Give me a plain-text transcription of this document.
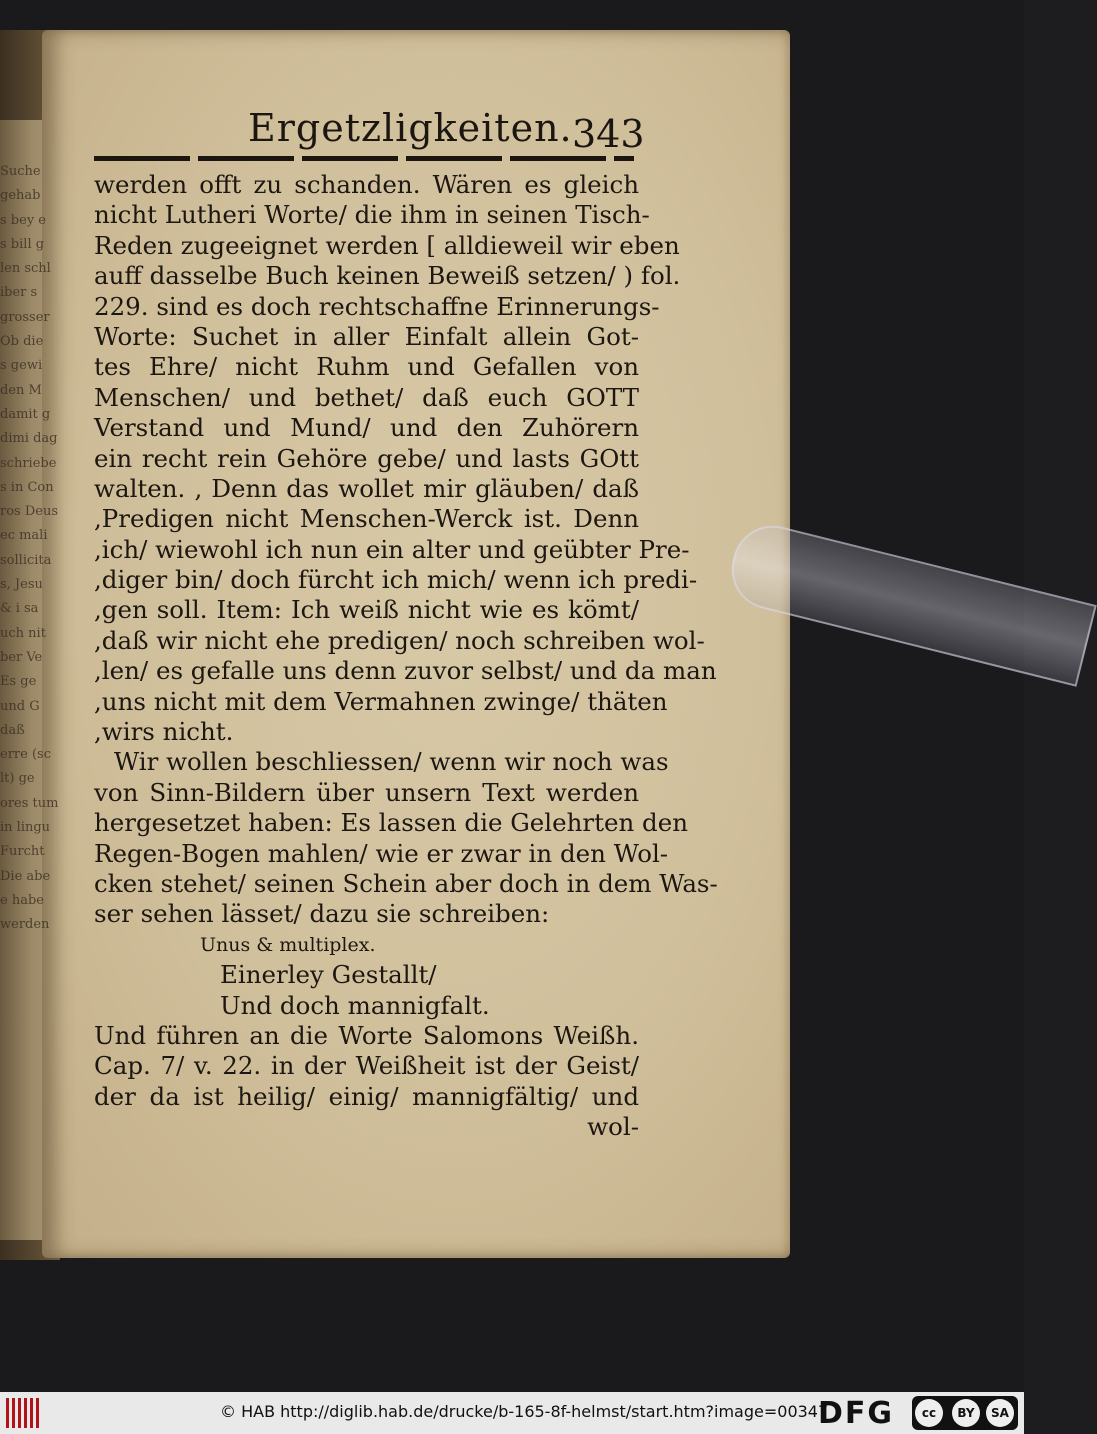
Suche
gehab
s bey e
s bill g
len schl
iber s
grosser
Ob die
s gewi
den M
damit g
dimi dag
schriebe
s in Con
ros Deus
ec mali
sollicita
s, Jesu
& i sa
uch nit
ber Ve
Es ge
und G
daß
erre (sc
lt) ge
ores tum
in lingu
Furcht
Die abe
e habe
werden
Ergetzligkeiten. 343
werden offt zu schanden. Wären es gleich
nicht Lutheri Worte/ die ihm in seinen Tisch-
Reden zugeeignet werden [ alldieweil wir eben
auff dasselbe Buch keinen Beweiß setzen/ ) fol.
229. sind es doch rechtschaffne Erinnerungs-
Worte: Suchet in aller Einfalt allein Got-
tes Ehre/ nicht Ruhm und Gefallen von
Menschen/ und bethet/ daß euch GOTT
Verstand und Mund/ und den Zuhörern
ein recht rein Gehöre gebe/ und lasts GOtt
walten. , Denn das wollet mir gläuben/ daß
,Predigen nicht Menschen-Werck ist. Denn
,ich/ wiewohl ich nun ein alter und geübter Pre-
,diger bin/ doch fürcht ich mich/ wenn ich predi-
,gen soll. Item: Ich weiß nicht wie es kömt/
,daß wir nicht ehe predigen/ noch schreiben wol-
,len/ es gefalle uns denn zuvor selbst/ und da man
,uns nicht mit dem Vermahnen zwinge/ thäten
,wirs nicht.
Wir wollen beschliessen/ wenn wir noch was
von Sinn-Bildern über unsern Text werden
hergesetzet haben: Es lassen die Gelehrten den
Regen-Bogen mahlen/ wie er zwar in den Wol-
cken stehet/ seinen Schein aber doch in dem Was-
ser sehen lässet/ dazu sie schreiben:
Unus & multiplex.
Einerley Gestallt/
Und doch mannigfalt.
Und führen an die Worte Salomons Weißh.
Cap. 7/ v. 22. in der Weißheit ist der Geist/
der da ist heilig/ einig/ mannigfältig/ und
wol-
© HAB http://diglib.hab.de/drucke/b-165-8f-helmst/start.htm?image=00347
DFG	cc	BY	SA
